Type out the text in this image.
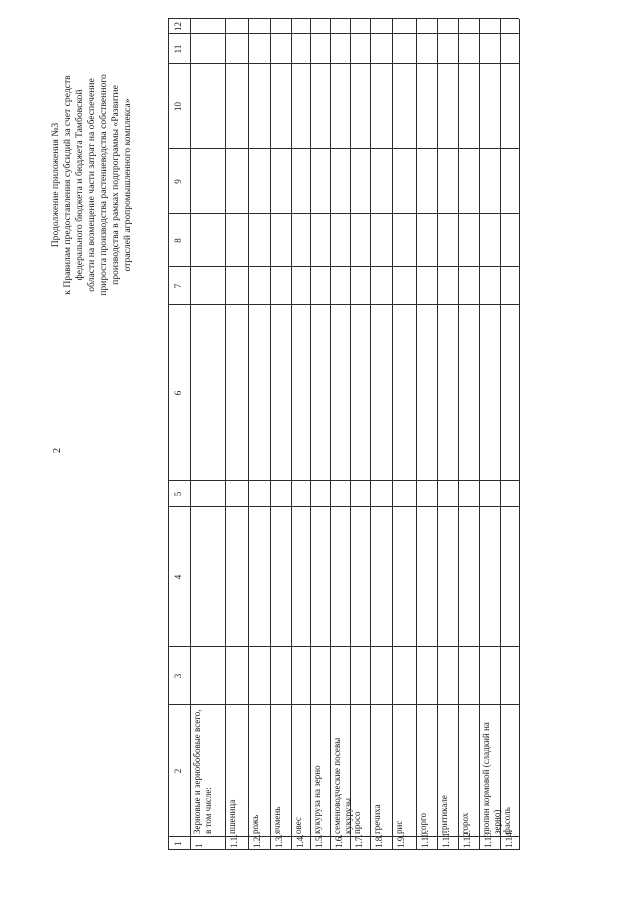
2
Продолжение приложения №3 к Правилам предоставления субсидий за счет средств федерального бюджета и бюджета Тамбовской области на возмещение части затрат на обеспечение прироста производства растениеводства собственного производства в рамках подпрограммы «Развитие отраслей агропромышленного комплекса»
1
2
3
4
5
6
7
8
9
10
11
12
1
Зерновые и зернобобовые всего, в том числе:
1.1.
пшеница
1.2.
рожь
1.3.
ячмень
1.4.
овес
1.5.
кукуруза на зерно
1.6.
семеноводческие посевы кукурузы
1.7.
просо
1.8.
гречиха
1.9.
рис
1.10.
сорго
1.11.
тритикале
1.12.
горох
1.13.
люпин кормовой (сладкий на зерно)
1.14.
фасоль
